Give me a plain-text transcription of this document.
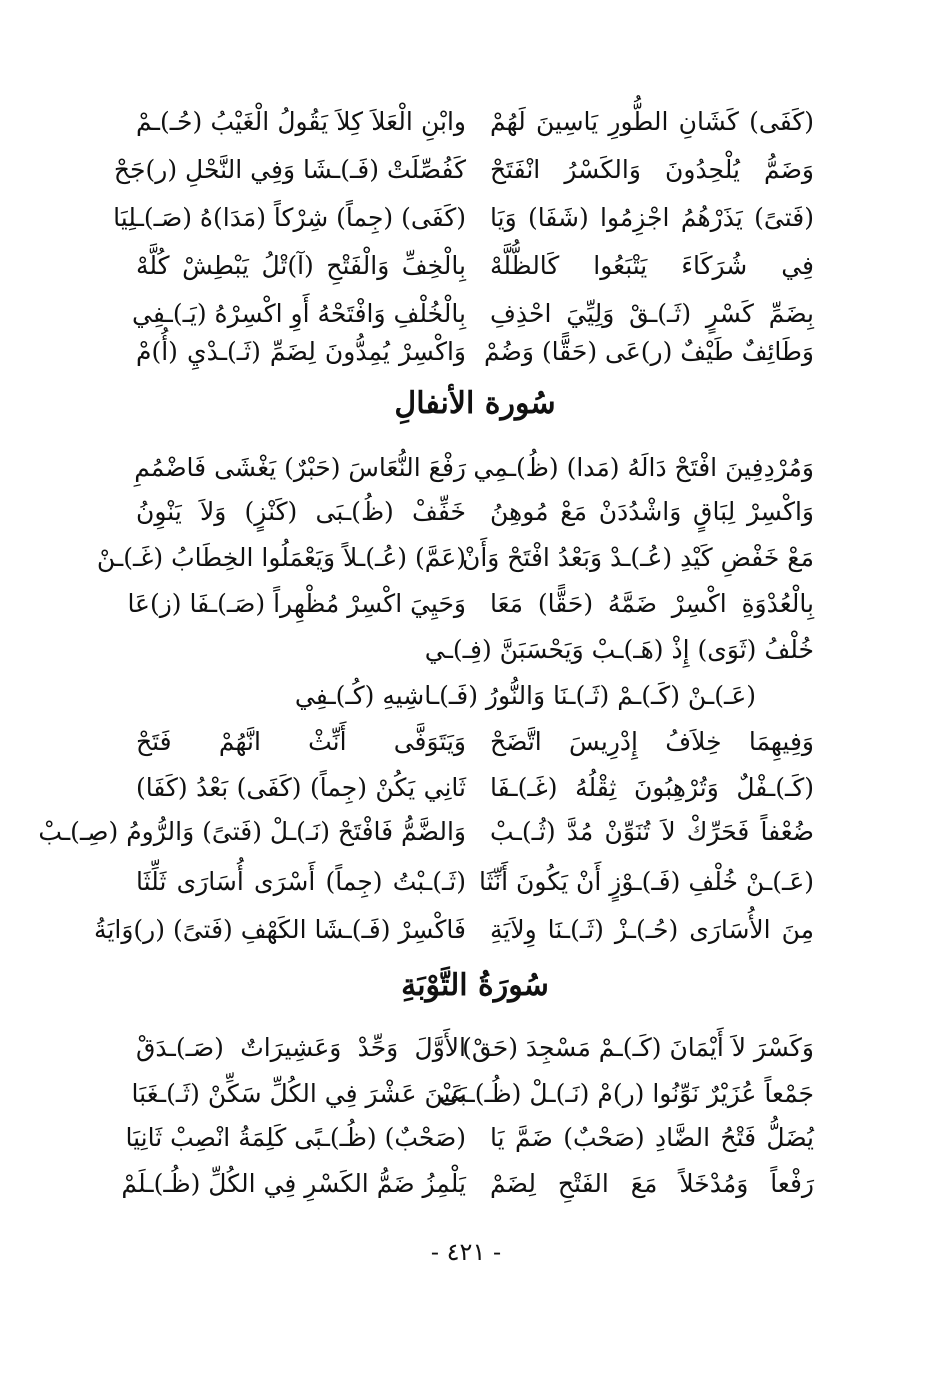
(كَفَى) كَشَانِ الطُّورِ يَاسِينَ لَهُمْ
وابْنِ الْعَلاَ كِلاَ يَقُولُ الْغَيْبُ (حُـ)ـمْ
وَضَمُّ يُلْحِدُونَ وَالكَسْرُ انْفَتَحْ
كَفُصِّلَتْ (فَـ)ـشَا وَفِي النَّحْلِ (ر)جَحْ
(فَتىً) يَذَرْهُمُ اجْزِمُوا (شَفَا) وَيَا
(كَفَى) (جِماً) شِرْكاً (مَدَا)هُ (صَـ)ـلِيَا
فِي شُرَكَاءَ يَتْبَعُوا كَالظُّلَّهْ
بِالْخِفِّ وَالْفَتْحِ (آ)تْلُ يَبْطِشْ كُلَّهْ
بِضَمِّ كَسْرٍ (ثَـ)ـقْ وَلِيِّيَ احْذِفِ
بِالْخُلْفِ وَافْتَحْهُ أَوِ اكْسِرْهُ (يَـ)ـفِي
وَطَائِفٌ طَيْفٌ (ر)عَى (حَقًّا) وَضُمْ
وَاكْسِرْ يُمِدُّونَ لِضَمِّ (ثَـ)ـدْيِ (أُ)مْ
سُورة الأنفالِ
وَمُرْدِفِينَ افْتَحْ دَالَهُ (مَدا) (ظُ)ـمِي
رَفْعَ النُّعَاسَ (حَبْرٌ) يَغْشَى فَاضْمُمِ
وَاكْسِرْ لِبَاقٍ وَاشْدُدَنْ مَعْ مُوهِنُ
خَفِّفْ (ظُ)ـبَى (كَنْزٍ) وَلاَ يَنْوِنُ
مَعْ خَفْضِ كَيْدِ (عُـ)ـدْ وَبَعْدُ افْتَحْ وَأَنْ
(عَمَّ) (عُـ)ـلاً وَيَعْمَلُوا الخِطَابُ (غَـ)ـنْ
بِالْعُدْوَةِ اكْسِرْ ضَمَّهُ (حَقًّا) مَعَا
وَحَيِيَ اكْسِرْ مُظْهِراً (صَـ)ـفَا (ز)عَا
خُلْفُ (ثَوَى) إِذْ (هَـ)ـبْ وَيَحْسَبَنَّ (فِـ)ـي
(عَـ)ـنْ (كَـ)ـمْ (ثَـ)ـنَا وَالنُّورُ (فَـ)ـاشِيهِ (كُـ)ـفِي
وَفِيهِمَا خِلاَفُ إِدْرِيسَ اتَّضَحْ
وَيَتَوَفَّى أَنِّثْ انَّهُمْ فَتَحْ
(كَـ)ـفْلٌ وَتُرْهِبُونَ ثِقْلُهُ (غَـ)ـفَا
ثَانِي يَكُنْ (جِماً) (كَفَى) بَعْدُ (كَفَا)
ضُعْفاً فَحَرِّكْ لاَ تُنَوِّنْ مُدَّ (ثُـ)ـبْ
وَالضَّمُّ فَافْتَحْ (نَـ)ـلْ (فَتىً) وَالرُّومُ (صِـ)ـبْ
(عَـ)ـنْ خُلْفِ (فَـ)ـوْزٍ أَنْ يَكُونَ أَنِّثَا
(ثَـ)ـبْتُ (جِماً) أَسْرَى أُسَارَى ثَلِّثَا
مِنَ الأُسَارَى (حُـ)ـزْ (ثَـ)ـنَا وِلاَيَةِ
فَاكْسِرْ (فَـ)ـشَا الكَهْفِ (فَتىً) (ر)وَايَةُ
سُورَةُ التَّوْبَةِ
وَكَسْرَ لاَ أَيْمَانَ (كَـ)ـمْ مَسْجِدَ (حَقْ)
الأَوَّلَ وَحِّدْ وَعَشِيرَاتٌ (صَـ)ـدَقْ
جَمْعاً عُزَيْرٌ نَوِّنُوا (ر)مْ (نَـ)ـلْ (ظُـ)ـبَى
عَيْنَ عَشْرَ فِي الكُلِّ سَكِّنْ (ثَـ)ـغَبَا
يُضَلُّ فَتْحُ الضَّادِ (صَحْبٌ) ضَمَّ يَا
(صَحْبٌ) (ظُـ)ـبًى كَلِمَةُ انْصِبْ ثَانِيَا
رَفْعاً وَمُدْخَلاً مَعَ الفَتْحِ لِضَمْ
يَلْمِزُ ضَمُّ الكَسْرِ فِي الكُلِّ (ظُـ)ـلَمْ
- ٤٢١ -
